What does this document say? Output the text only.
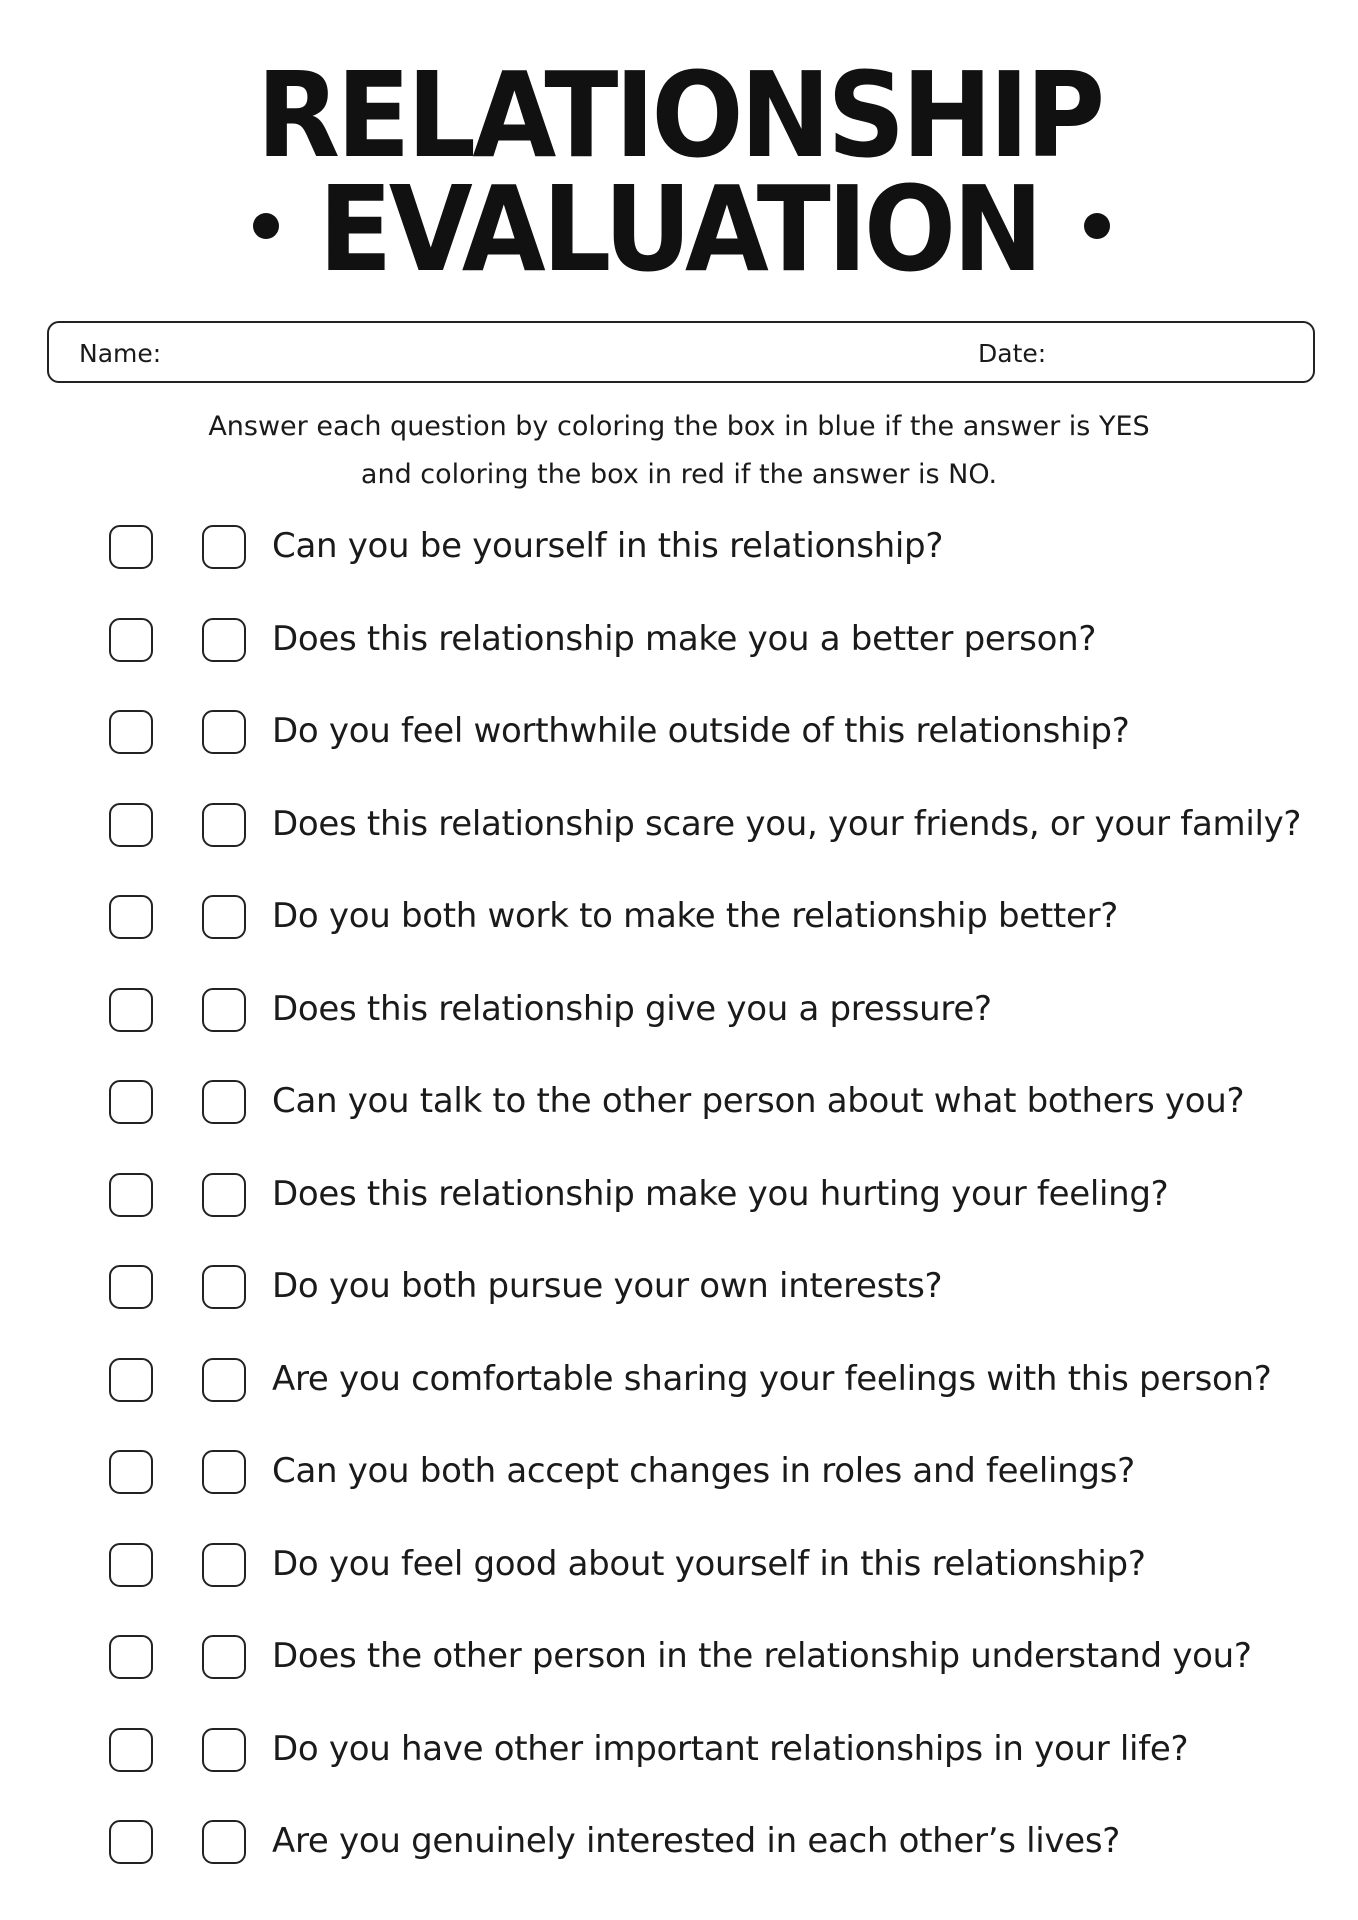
RELATIONSHIP
EVALUATION
Name:	Date:
Answer each question by coloring the box in blue if the answer is YES
and coloring the box in red if the answer is NO.
Can you be yourself in this relationship?
Does this relationship make you a better person?
Do you feel worthwhile outside of this relationship?
Does this relationship scare you, your friends, or your family?
Do you both work to make the relationship better?
Does this relationship give you a pressure?
Can you talk to the other person about what bothers you?
Does this relationship make you hurting your feeling?
Do you both pursue your own interests?
Are you comfortable sharing your feelings with this person?
Can you both accept changes in roles and feelings?
Do you feel good about yourself in this relationship?
Does the other person in the relationship understand you?
Do you have other important relationships in your life?
Are you genuinely interested in each other’s lives?
